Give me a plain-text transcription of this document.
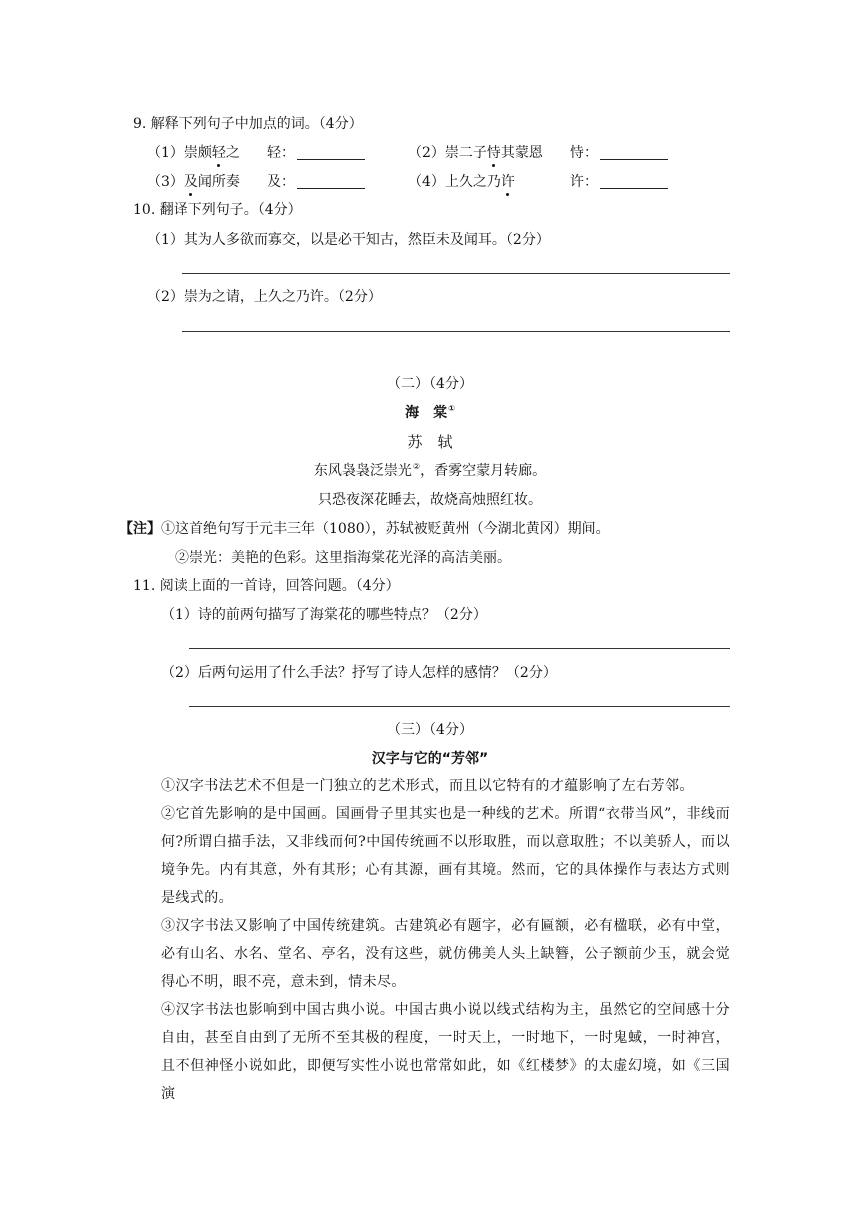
9. 解释下列句子中加点的词。（4分）
（1）崇颇轻之 轻：	（2）崇二子恃其蒙恩 恃：
（3）及闻所奏 及：	（4）上久之乃许	许：
10. 翻译下列句子。（4分）
（1）其为人多欲而寡交，以是必干知古，然臣未及闻耳。（2分）
（2）崇为之请，上久之乃许。（2分）
（二）（4分）
海　棠①
苏　轼
东风袅袅泛崇光②，香雾空蒙月转廊。
只恐夜深花睡去，故烧高烛照红妆。
【注】①这首绝句写于元丰三年（1080），苏轼被贬黄州（今湖北黄冈）期间。
②崇光：美艳的色彩。这里指海棠花光泽的高洁美丽。
11. 阅读上面的一首诗，回答问题。（4分）
（1）诗的前两句描写了海棠花的哪些特点？（2分）
（2）后两句运用了什么手法？抒写了诗人怎样的感情？（2分）
（三）（4分）
汉字与它的“芳邻”
①汉字书法艺术不但是一门独立的艺术形式，而且以它特有的才蕴影响了左右芳邻。
②它首先影响的是中国画。国画骨子里其实也是一种线的艺术。所谓“衣带当风”，非线而何?所谓白描手法，又非线而何?中国传统画不以形取胜，而以意取胜；不以美骄人，而以境争先。内有其意，外有其形；心有其源，画有其境。然而，它的具体操作与表达方式则是线式的。
③汉字书法又影响了中国传统建筑。古建筑必有题字，必有匾额，必有楹联，必有中堂，必有山名、水名、堂名、亭名，没有这些，就仿佛美人头上缺簪，公子额前少玉，就会觉得心不明，眼不亮，意未到，情未尽。
④汉字书法也影响到中国古典小说。中国古典小说以线式结构为主，虽然它的空间感十分自由，甚至自由到了无所不至其极的程度，一时天上，一时地下，一时鬼蜮，一时神宫，且不但神怪小说如此，即便写实性小说也常常如此，如《红楼梦》的太虚幻境，如《三国演
